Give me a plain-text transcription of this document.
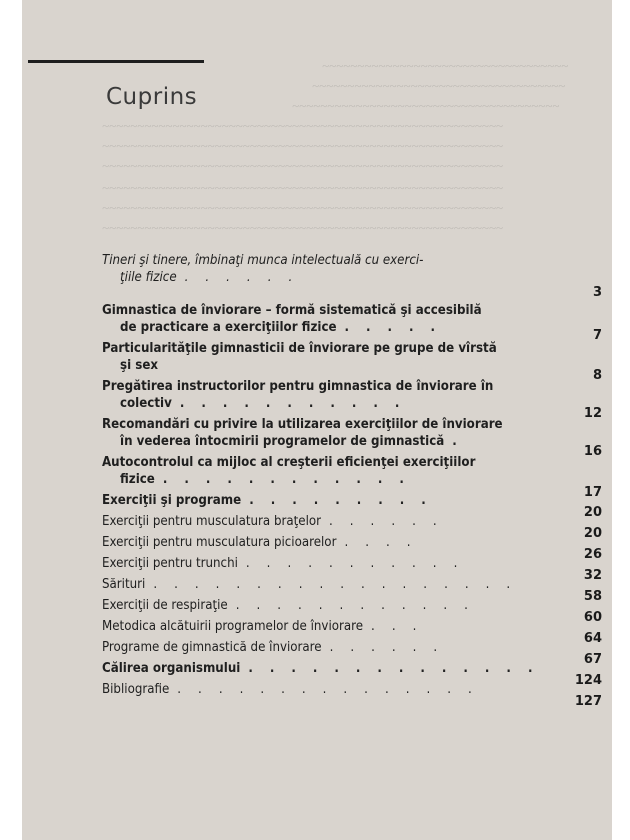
Cuprins
~~~~~~~~~~~~~~~~~~~~~~~~~~~~~~~~~~~
~~~~~~~~~~~~~~~~~~~~~~~~~~~~~~~~~~~~
~~~~~~~~~~~~~~~~~~~~~~~~~~~~~~~~~~~~~~
~~~~~~~~~~~~~~~~~~~~~~~~~~~~~~~~~~~~~~~~~~~~~~~~~~~~~~~~~
~~~~~~~~~~~~~~~~~~~~~~~~~~~~~~~~~~~~~~~~~~~~~~~~~~~~~~~~~
~~~~~~~~~~~~~~~~~~~~~~~~~~~~~~~~~~~~~~~~~~~~~~~~~~~~~~~~~
~~~~~~~~~~~~~~~~~~~~~~~~~~~~~~~~~~~~~~~~~~~~~~~~~~~~~~~~~
~~~~~~~~~~~~~~~~~~~~~~~~~~~~~~~~~~~~~~~~~~~~~~~~~~~~~~~~~
~~~~~~~~~~~~~~~~~~~~~~~~~~~~~~~~~~~~~~~~~~~~~~~~~~~~~~~~~
Tineri şi tinere, îmbinaţi munca intelectuală cu exerci-
ţiile fizice ......
Gimnastica de înviorare – formă sistematică şi accesibilă
de practicare a exerciţiilor fizice .....
Particularităţile gimnasticii de înviorare pe grupe de vîrstă
şi sex
Pregătirea instructorilor pentru gimnastica de înviorare în
colectiv ...........
Recomandări cu privire la utilizarea exerciţiilor de înviorare
în vederea întocmirii programelor de gimnastică .
Autocontrolul ca mijloc al creşterii eficienţei exerciţiilor
fizice ............
Exerciţii şi programe .........
Exerciţii pentru musculatura braţelor ......
Exerciţii pentru musculatura picioarelor ....
Exerciţii pentru trunchi ...........
Sărituri ..................
Exerciţii de respiraţie ............
Metodica alcătuirii programelor de înviorare ...
Programe de gimnastică de înviorare ......
Călirea organismului ..............
Bibliografie ...............
3
7
8
12
16
17
20
20
26
32
58
60
64
67
124
127
